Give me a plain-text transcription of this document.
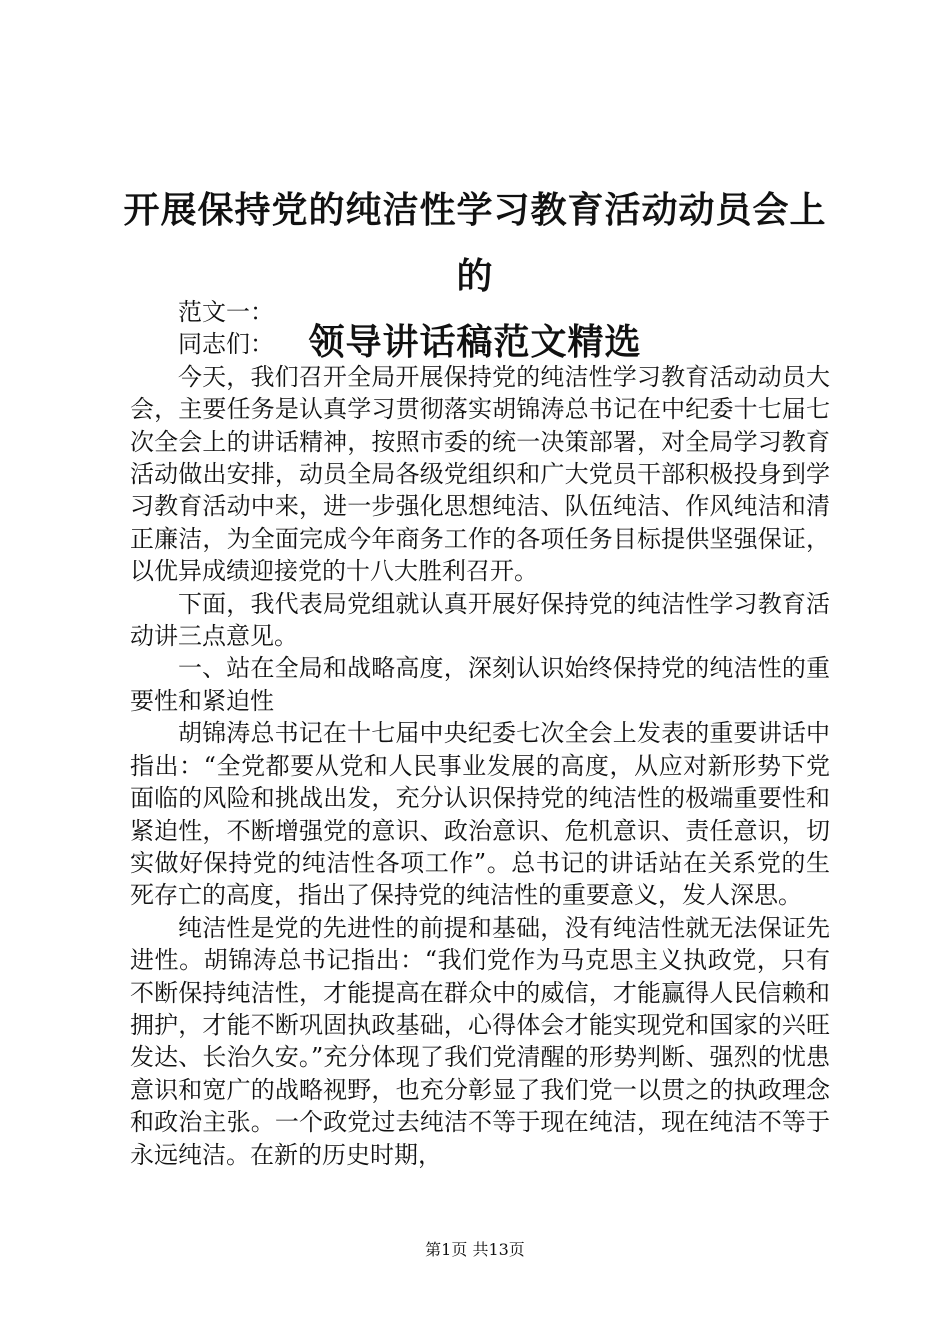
开展保持党的纯洁性学习教育活动动员会上的
领导讲话稿范文精选

范文一：

同志们：

今天，我们召开全局开展保持党的纯洁性学习教育活动动员大会，主要任务是认真学习贯彻落实胡锦涛总书记在中纪委十七届七次全会上的讲话精神，按照市委的统一决策部署，对全局学习教育活动做出安排，动员全局各级党组织和广大党员干部积极投身到学习教育活动中来，进一步强化思想纯洁、队伍纯洁、作风纯洁和清正廉洁，为全面完成今年商务工作的各项任务目标提供坚强保证，以优异成绩迎接党的十八大胜利召开。

下面，我代表局党组就认真开展好保持党的纯洁性学习教育活动讲三点意见。

一、站在全局和战略高度，深刻认识始终保持党的纯洁性的重要性和紧迫性

胡锦涛总书记在十七届中央纪委七次全会上发表的重要讲话中指出：“全党都要从党和人民事业发展的高度，从应对新形势下党面临的风险和挑战出发，充分认识保持党的纯洁性的极端重要性和紧迫性，不断增强党的意识、政治意识、危机意识、责任意识，切实做好保持党的纯洁性各项工作”。总书记的讲话站在关系党的生死存亡的高度，指出了保持党的纯洁性的重要意义，发人深思。

纯洁性是党的先进性的前提和基础，没有纯洁性就无法保证先进性。胡锦涛总书记指出：“我们党作为马克思主义执政党，只有不断保持纯洁性，才能提高在群众中的威信，才能赢得人民信赖和拥护，才能不断巩固执政基础，心得体会才能实现党和国家的兴旺发达、长治久安。”充分体现了我们党清醒的形势判断、强烈的忧患意识和宽广的战略视野，也充分彰显了我们党一以贯之的执政理念和政治主张。一个政党过去纯洁不等于现在纯洁，现在纯洁不等于永远纯洁。在新的历史时期，

第1页 共13页
